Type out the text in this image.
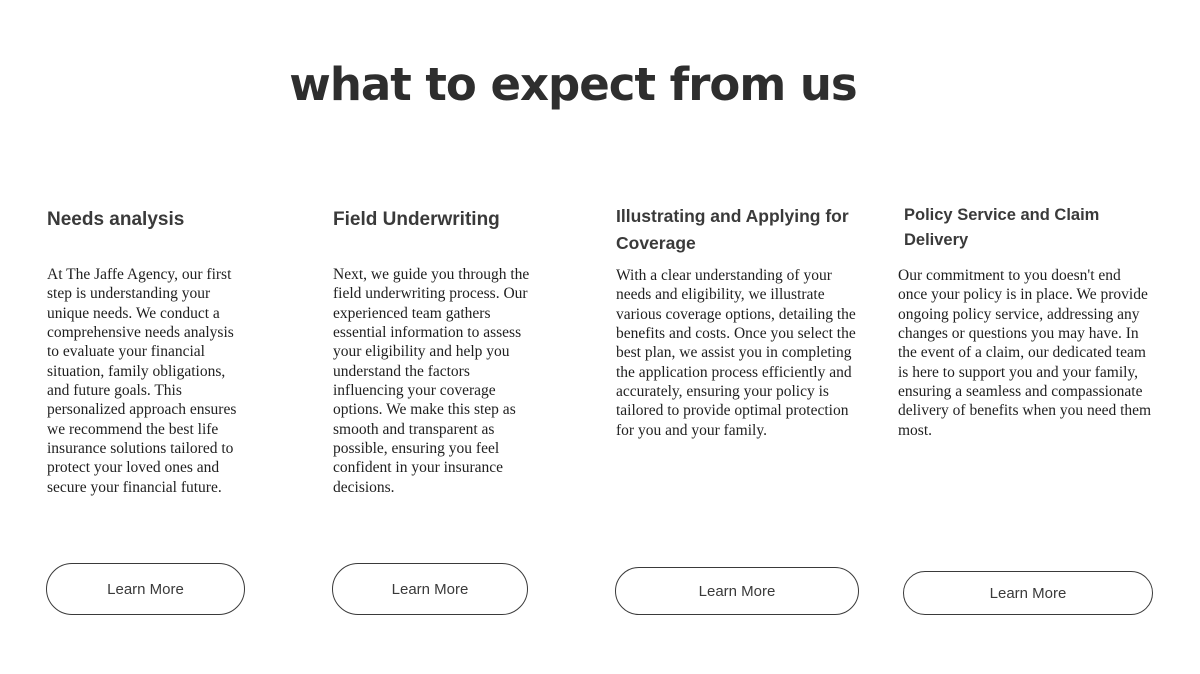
what to expect from us
Needs analysis

At The Jaffe Agency, our first step is understanding your unique needs. We conduct a comprehensive needs analysis to evaluate your financial situation, family obligations, and future goals. This personalized approach ensures we recommend the best life insurance solutions tailored to protect your loved ones and secure your financial future.

Learn More
Field Underwriting

Next, we guide you through the field underwriting process. Our experienced team gathers essential information to assess your eligibility and help you understand the factors influencing your coverage options. We make this step as smooth and transparent as possible, ensuring you feel confident in your insurance decisions.

Learn More
Illustrating and Applying for Coverage

With a clear understanding of your needs and eligibility, we illustrate various coverage options, detailing the benefits and costs. Once you select the best plan, we assist you in completing the application process efficiently and accurately, ensuring your policy is tailored to provide optimal protection for you and your family.

Learn More
Policy Service and Claim Delivery

Our commitment to you doesn't end once your policy is in place. We provide ongoing policy service, addressing any changes or questions you may have. In the event of a claim, our dedicated team is here to support you and your family, ensuring a seamless and compassionate delivery of benefits when you need them most.

Learn More
